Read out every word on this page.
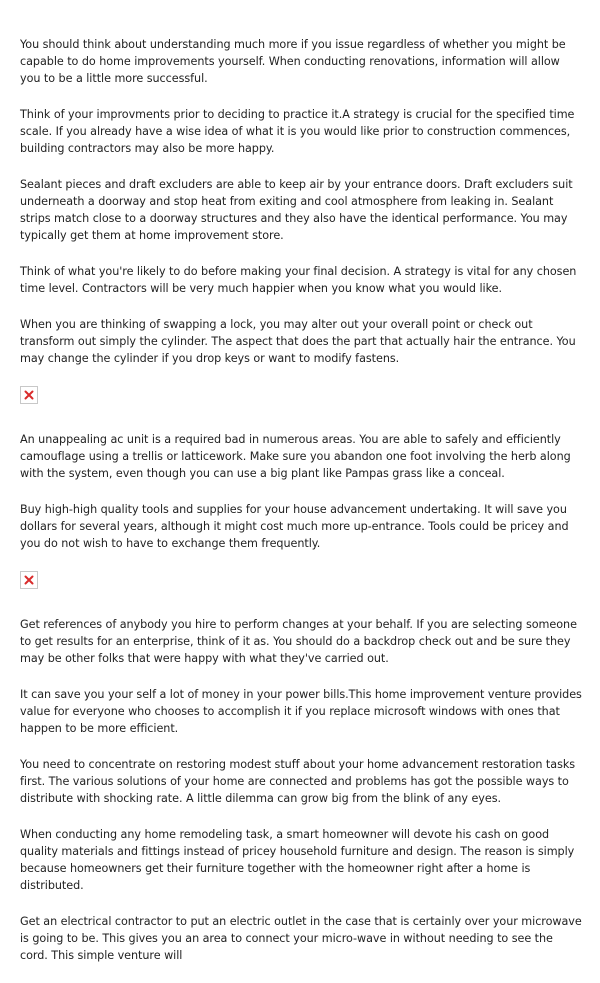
You should think about understanding much more if you issue regardless of whether you might be capable to do home improvements yourself. When conducting renovations, information will allow you to be a little more successful.

Think of your improvments prior to deciding to practice it.A strategy is crucial for the specified time scale. If you already have a wise idea of what it is you would like prior to construction commences, building contractors may also be more happy.

Sealant pieces and draft excluders are able to keep air by your entrance doors. Draft excluders suit underneath a doorway and stop heat from exiting and cool atmosphere from leaking in. Sealant strips match close to a doorway structures and they also have the identical performance. You may typically get them at home improvement store.

Think of what you're likely to do before making your final decision. A strategy is vital for any chosen time level. Contractors will be very much happier when you know what you would like.

When you are thinking of swapping a lock, you may alter out your overall point or check out transform out simply the cylinder. The aspect that does the part that actually hair the entrance. You may change the cylinder if you drop keys or want to modify fastens.

An unappealing ac unit is a required bad in numerous areas. You are able to safely and efficiently camouflage using a trellis or latticework. Make sure you abandon one foot involving the herb along with the system, even though you can use a big plant like Pampas grass like a conceal.

Buy high-high quality tools and supplies for your house advancement undertaking. It will save you dollars for several years, although it might cost much more up-entrance. Tools could be pricey and you do not wish to have to exchange them frequently.

Get references of anybody you hire to perform changes at your behalf. If you are selecting someone to get results for an enterprise, think of it as. You should do a backdrop check out and be sure they may be other folks that were happy with what they've carried out.

It can save you your self a lot of money in your power bills.This home improvement venture provides value for everyone who chooses to accomplish it if you replace microsoft windows with ones that happen to be more efficient.

You need to concentrate on restoring modest stuff about your home advancement restoration tasks first. The various solutions of your home are connected and problems has got the possible ways to distribute with shocking rate. A little dilemma can grow big from the blink of any eyes.

When conducting any home remodeling task, a smart homeowner will devote his cash on good quality materials and fittings instead of pricey household furniture and design. The reason is simply because homeowners get their furniture together with the homeowner right after a home is distributed.

Get an electrical contractor to put an electric outlet in the case that is certainly over your microwave is going to be. This gives you an area to connect your micro-wave in without needing to see the cord. This simple venture will
